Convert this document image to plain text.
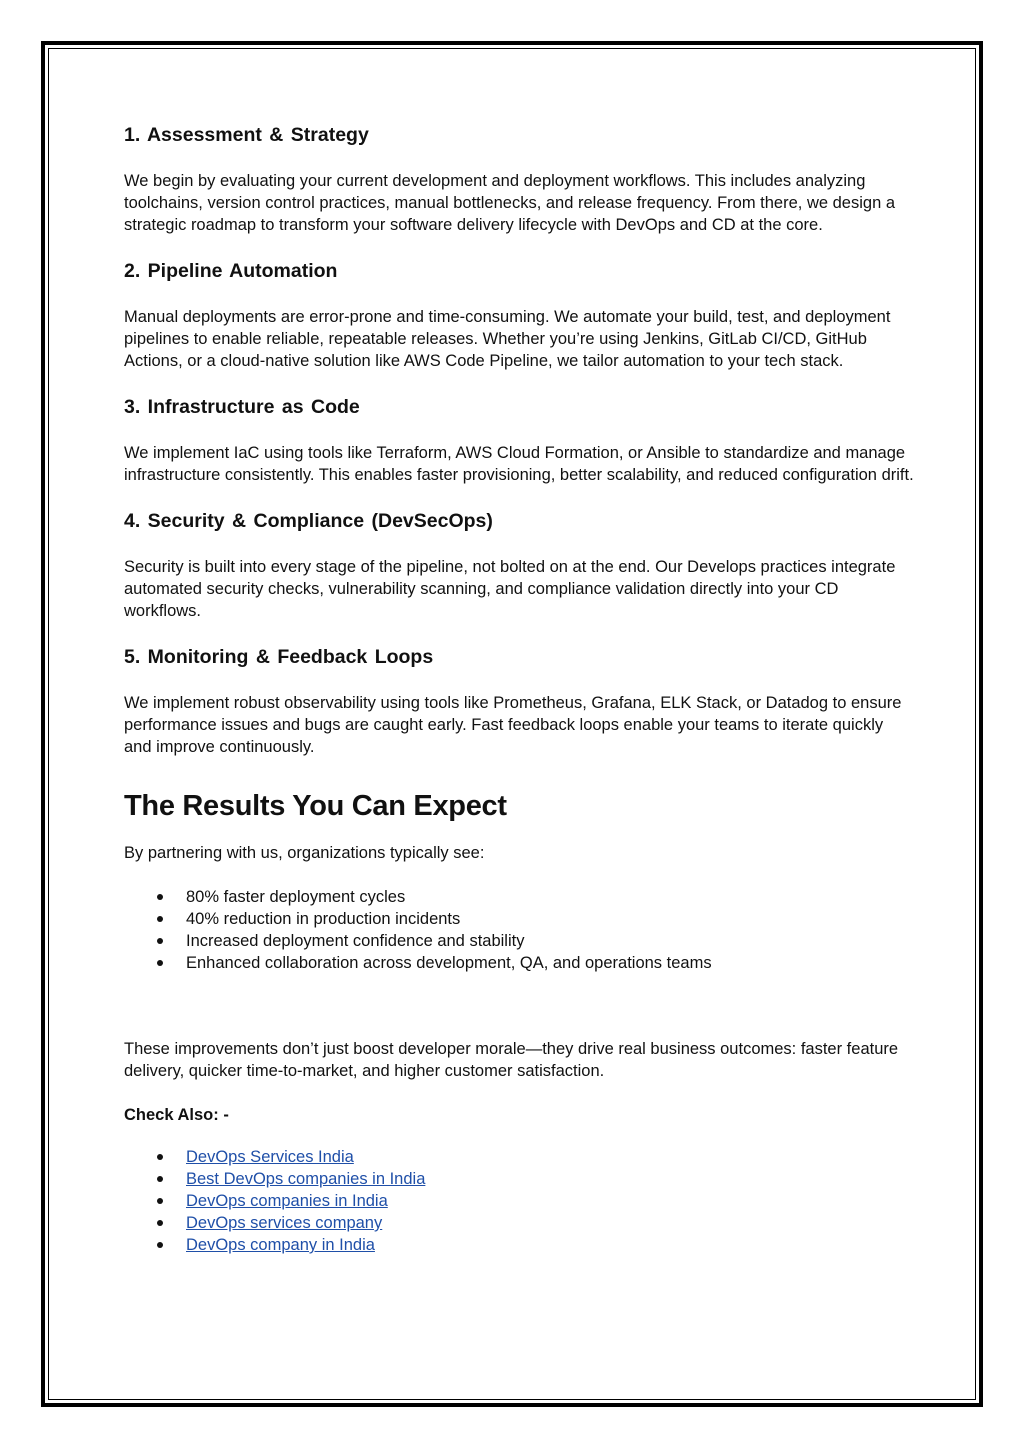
1. Assessment & Strategy

We begin by evaluating your current development and deployment workflows. This includes analyzing toolchains, version control practices, manual bottlenecks, and release frequency. From there, we design a strategic roadmap to transform your software delivery lifecycle with DevOps and CD at the core.

2. Pipeline Automation

Manual deployments are error-prone and time-consuming. We automate your build, test, and deployment pipelines to enable reliable, repeatable releases. Whether you’re using Jenkins, GitLab CI/CD, GitHub Actions, or a cloud-native solution like AWS Code Pipeline, we tailor automation to your tech stack.

3. Infrastructure as Code

We implement IaC using tools like Terraform, AWS Cloud Formation, or Ansible to standardize and manage infrastructure consistently. This enables faster provisioning, better scalability, and reduced configuration drift.

4. Security & Compliance (DevSecOps)

Security is built into every stage of the pipeline, not bolted on at the end. Our Develops practices integrate automated security checks, vulnerability scanning, and compliance validation directly into your CD workflows.

5. Monitoring & Feedback Loops

We implement robust observability using tools like Prometheus, Grafana, ELK Stack, or Datadog to ensure performance issues and bugs are caught early. Fast feedback loops enable your teams to iterate quickly and improve continuously.

The Results You Can Expect

By partnering with us, organizations typically see:

80% faster deployment cycles
40% reduction in production incidents
Increased deployment confidence and stability
Enhanced collaboration across development, QA, and operations teams

These improvements don’t just boost developer morale—they drive real business outcomes: faster feature delivery, quicker time-to-market, and higher customer satisfaction.

Check Also: -

DevOps Services India
Best DevOps companies in India
DevOps companies in India
DevOps services company
DevOps company in India
